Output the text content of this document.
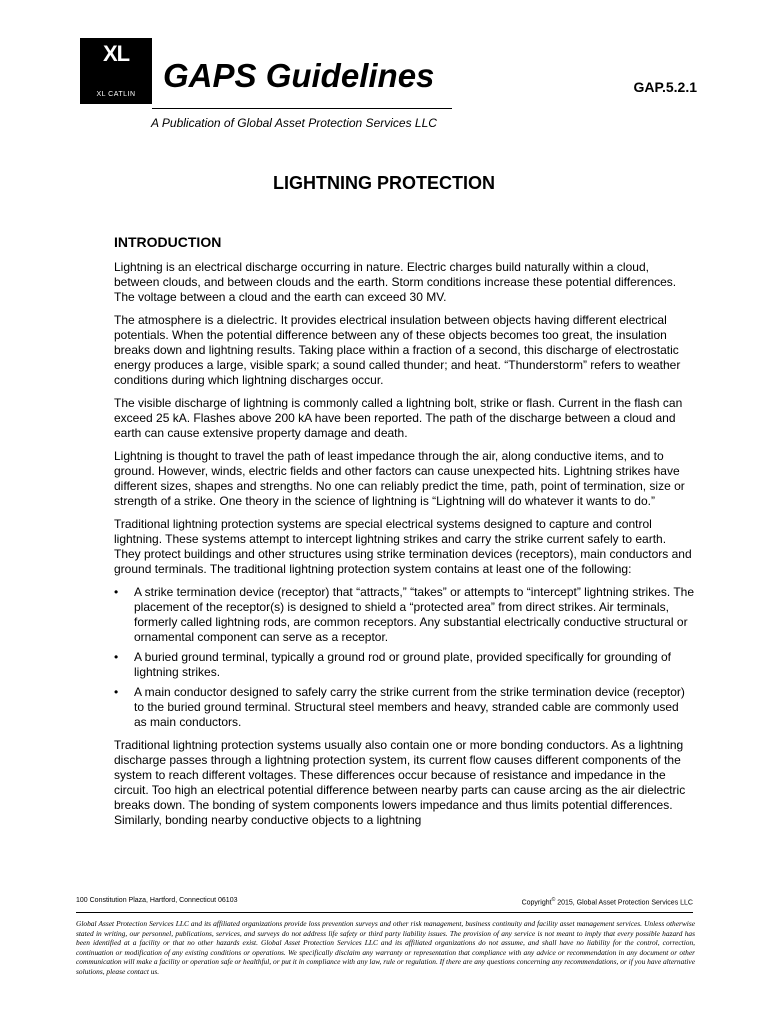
XL
XL CATLIN
GAPS Guidelines	GAP.5.2.1
A Publication of Global Asset Protection Services LLC
LIGHTNING PROTECTION
INTRODUCTION

Lightning is an electrical discharge occurring in nature. Electric charges build naturally within a cloud, between clouds, and between clouds and the earth. Storm conditions increase these potential differences. The voltage between a cloud and the earth can exceed 30 MV.

The atmosphere is a dielectric. It provides electrical insulation between objects having different electrical potentials. When the potential difference between any of these objects becomes too great, the insulation breaks down and lightning results. Taking place within a fraction of a second, this discharge of electrostatic energy produces a large, visible spark; a sound called thunder; and heat. “Thunderstorm” refers to weather conditions during which lightning discharges occur.

The visible discharge of lightning is commonly called a lightning bolt, strike or flash. Current in the flash can exceed 25 kA. Flashes above 200 kA have been reported. The path of the discharge between a cloud and earth can cause extensive property damage and death.

Lightning is thought to travel the path of least impedance through the air, along conductive items, and to ground. However, winds, electric fields and other factors can cause unexpected hits. Lightning strikes have different sizes, shapes and strengths. No one can reliably predict the time, path, point of termination, size or strength of a strike. One theory in the science of lightning is “Lightning will do whatever it wants to do.”

Traditional lightning protection systems are special electrical systems designed to capture and control lightning. These systems attempt to intercept lightning strikes and carry the strike current safely to earth. They protect buildings and other structures using strike termination devices (receptors), main conductors and ground terminals. The traditional lightning protection system contains at least one of the following:

• A strike termination device (receptor) that “attracts,” “takes” or attempts to “intercept” lightning strikes. The placement of the receptor(s) is designed to shield a “protected area” from direct strikes. Air terminals, formerly called lightning rods, are common receptors. Any substantial electrically conductive structural or ornamental component can serve as a receptor.
• A buried ground terminal, typically a ground rod or ground plate, provided specifically for grounding of lightning strikes.
• A main conductor designed to safely carry the strike current from the strike termination device (receptor) to the buried ground terminal. Structural steel members and heavy, stranded cable are commonly used as main conductors.

Traditional lightning protection systems usually also contain one or more bonding conductors. As a lightning discharge passes through a lightning protection system, its current flow causes different components of the system to reach different voltages. These differences occur because of resistance and impedance in the circuit. Too high an electrical potential difference between nearby parts can cause arcing as the air dielectric breaks down. The bonding of system components lowers impedance and thus limits potential differences. Similarly, bonding nearby conductive objects to a lightning

100 Constitution Plaza, Hartford, Connecticut 06103	Copyright© 2015, Global Asset Protection Services LLC
Global Asset Protection Services LLC and its affiliated organizations provide loss prevention surveys and other risk management, business continuity and facility asset management services. Unless otherwise stated in writing, our personnel, publications, services, and surveys do not address life safety or third party liability issues. The provision of any service is not meant to imply that every possible hazard has been identified at a facility or that no other hazards exist. Global Asset Protection Services LLC and its affiliated organizations do not assume, and shall have no liability for the control, correction, continuation or modification of any existing conditions or operations. We specifically disclaim any warranty or representation that compliance with any advice or recommendation in any document or other communication will make a facility or operation safe or healthful, or put it in compliance with any law, rule or regulation. If there are any questions concerning any recommendations, or if you have alternative solutions, please contact us.
